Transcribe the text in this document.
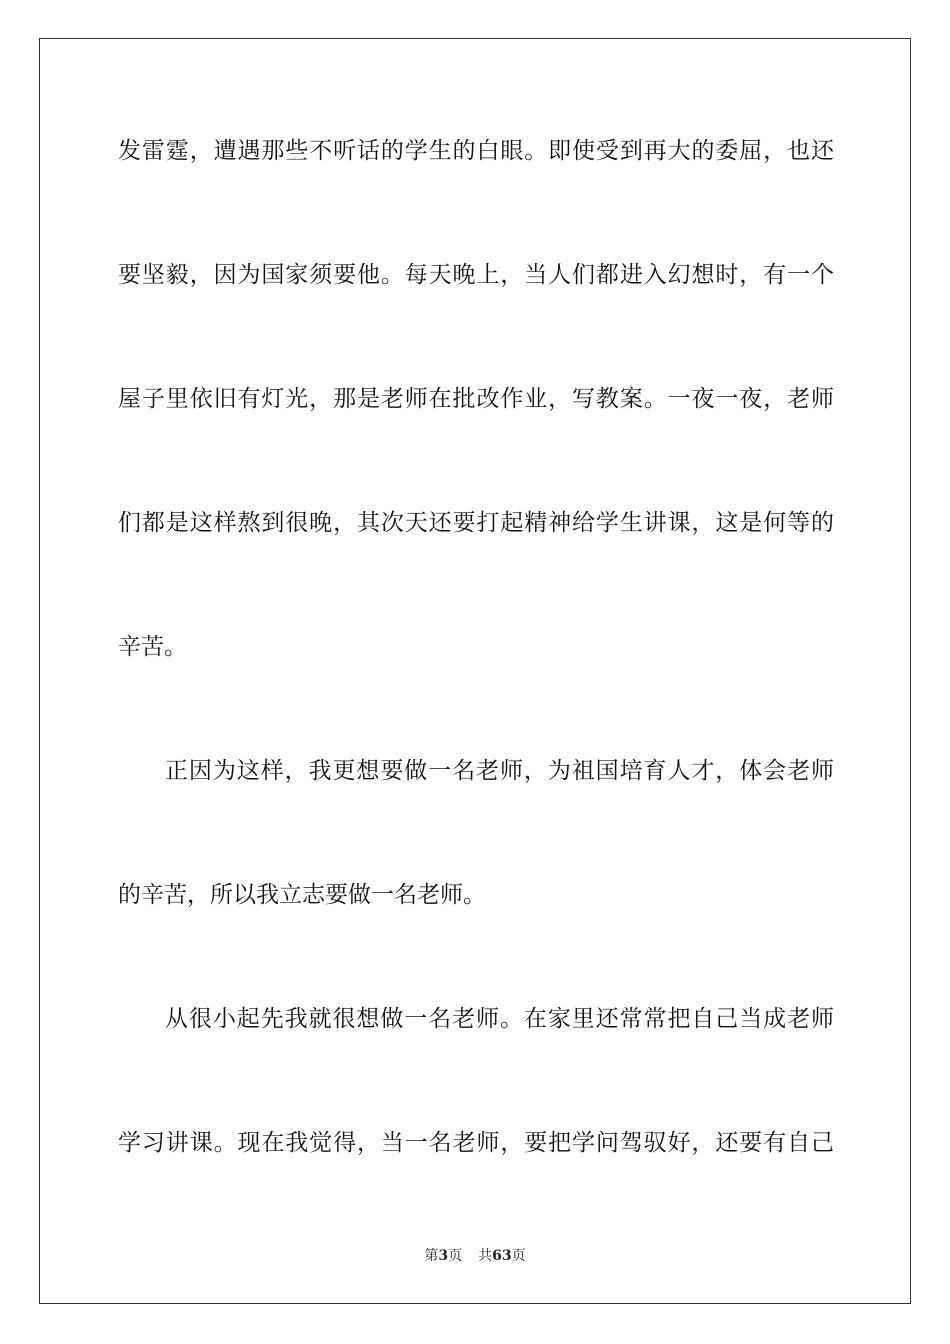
发雷霆，遭遇那些不听话的学生的白眼。即使受到再大的委屈，也还
要坚毅，因为国家须要他。每天晚上，当人们都进入幻想时，有一个
屋子里依旧有灯光，那是老师在批改作业，写教案。一夜一夜，老师
们都是这样熬到很晚，其次天还要打起精神给学生讲课，这是何等的
辛苦。
正因为这样，我更想要做一名老师，为祖国培育人才，体会老师
的辛苦，所以我立志要做一名老师。
从很小起先我就很想做一名老师。在家里还常常把自己当成老师
学习讲课。现在我觉得，当一名老师，要把学问驾驭好，还要有自己
第3页 共63页
